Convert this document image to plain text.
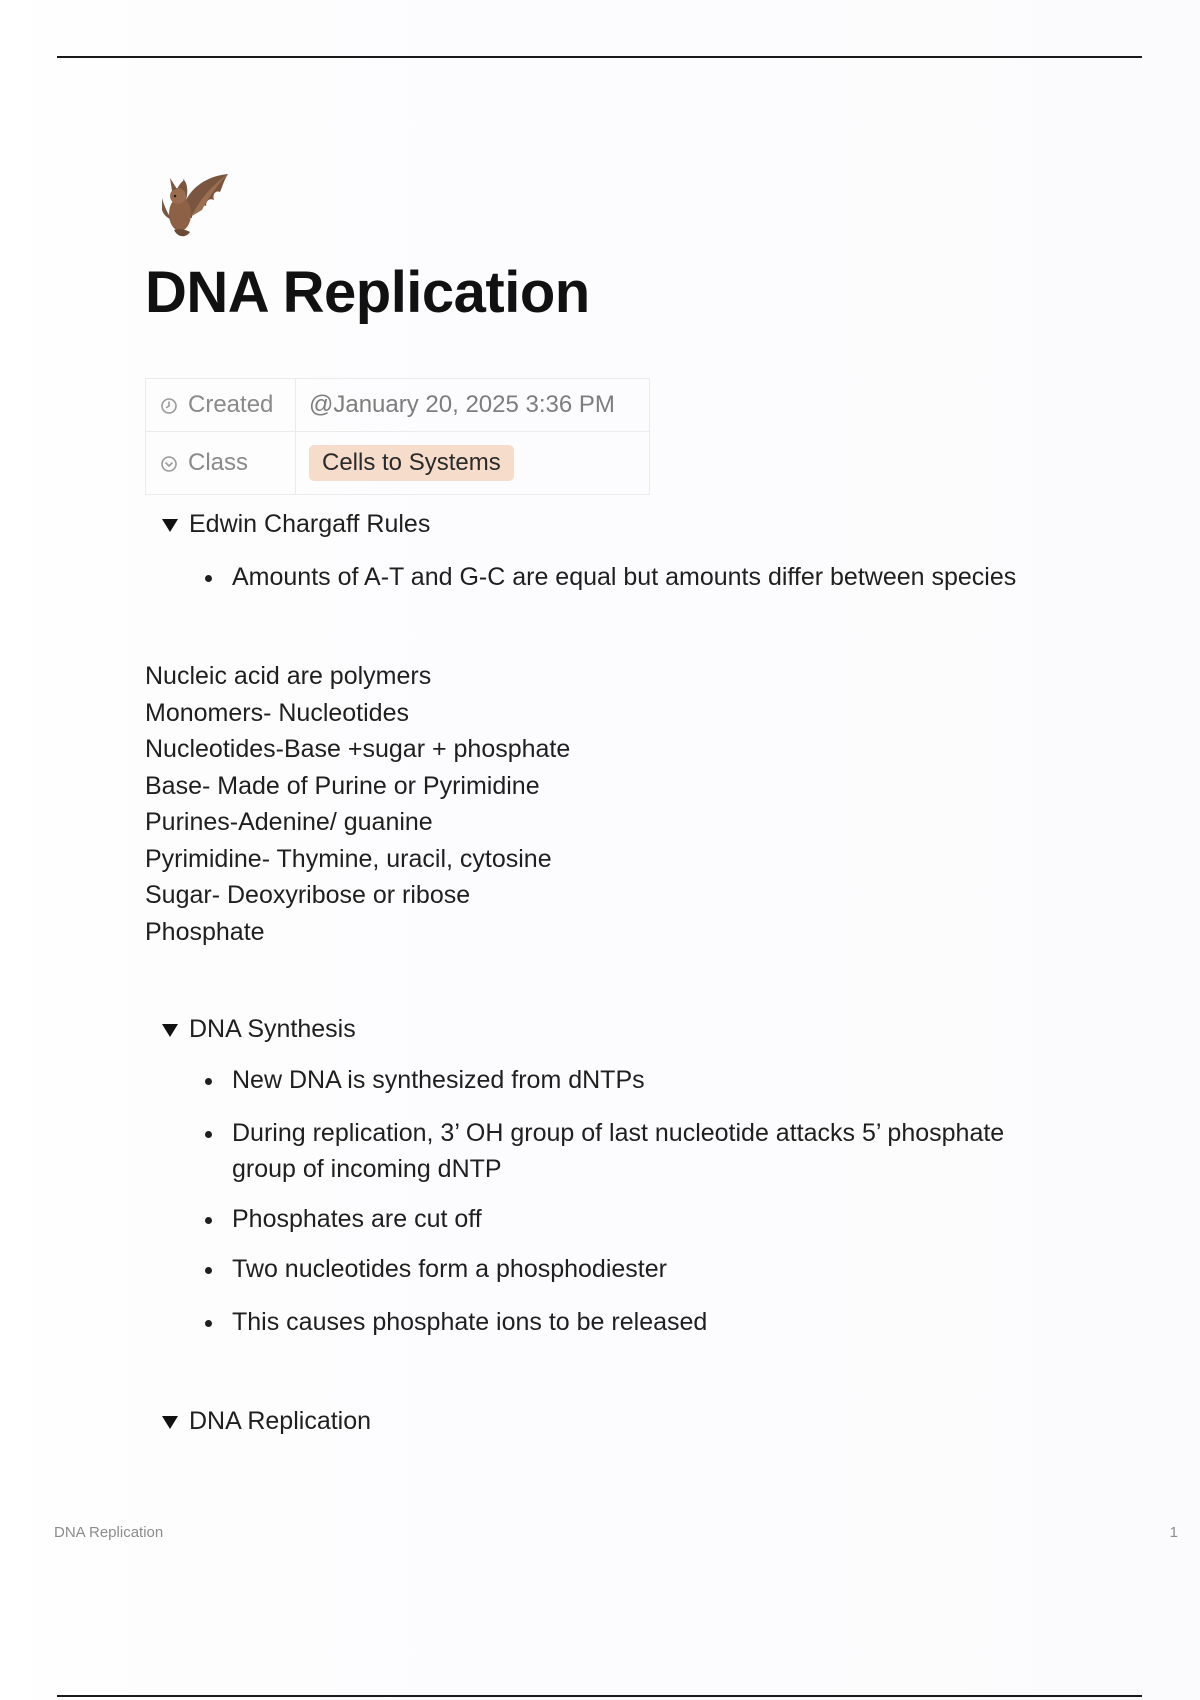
DNA Replication
Created	@January 20, 2025 3:36 PM
Class	Cells to Systems
Edwin Chargaff Rules
Amounts of A-T and G-C are equal but amounts differ between species
Nucleic acid are polymers
Monomers- Nucleotides
Nucleotides-Base +sugar + phosphate
Base- Made of Purine or Pyrimidine
Purines-Adenine/ guanine
Pyrimidine- Thymine, uracil, cytosine
Sugar- Deoxyribose or ribose
Phosphate
DNA Synthesis
New DNA is synthesized from dNTPs
During replication, 3’ OH group of last nucleotide attacks 5’ phosphate
group of incoming dNTP
Phosphates are cut off
Two nucleotides form a phosphodiester
This causes phosphate ions to be released
DNA Replication
DNA Replication	1
